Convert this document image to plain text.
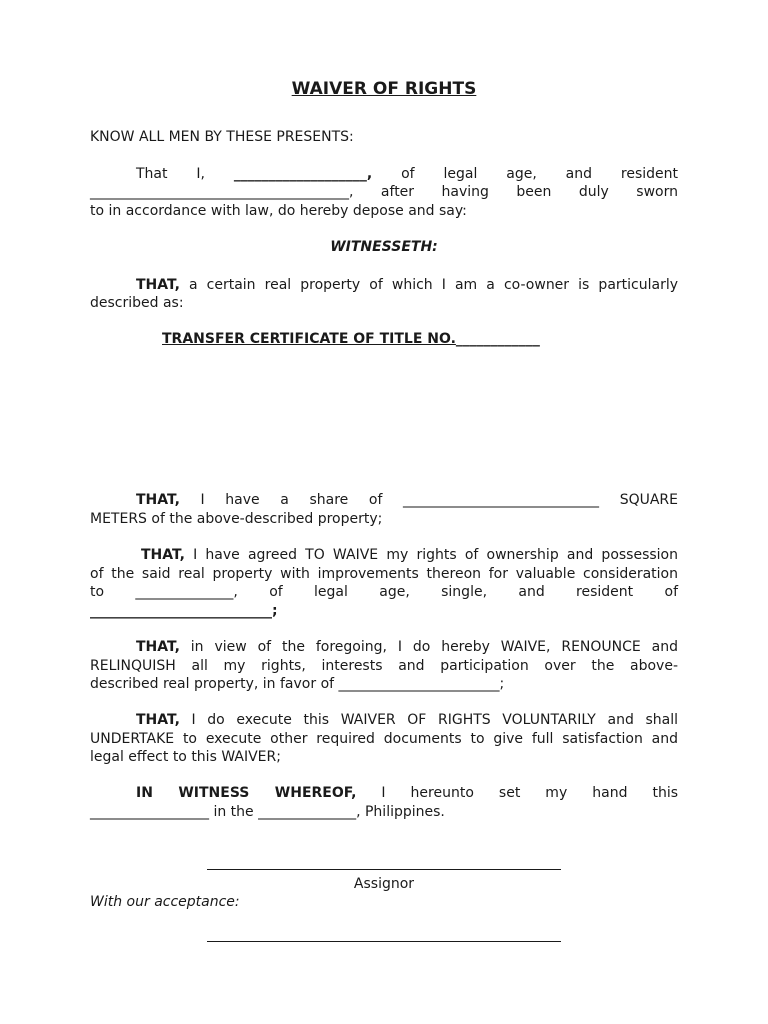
WAIVER OF RIGHTS
KNOW ALL MEN BY THESE PRESENTS:
That I, ___________________, of legal age, and resident
_____________________________________, after having been duly sworn
to in accordance with law, do hereby depose and say:
WITNESSETH:
THAT, a certain real property of which I am a co-owner is particularly
described as:
TRANSFER CERTIFICATE OF TITLE NO.____________
THAT, I have a share of ____________________________ SQUARE
METERS of the above-described property;
THAT, I have agreed TO WAIVE my rights of ownership and possession
of the said real property with improvements thereon for valuable consideration
to ______________, of legal age, single, and resident of
__________________________;
THAT, in view of the foregoing, I do hereby WAIVE, RENOUNCE and
RELINQUISH all my rights, interests and participation over the above-
described real property, in favor of _______________________;
THAT, I do execute this WAIVER OF RIGHTS VOLUNTARILY and shall
UNDERTAKE to execute other required documents to give full satisfaction and
legal effect to this WAIVER;
IN WITNESS WHEREOF, I hereunto set my hand this
_________________ in the ______________, Philippines.
Assignor
With our acceptance:
